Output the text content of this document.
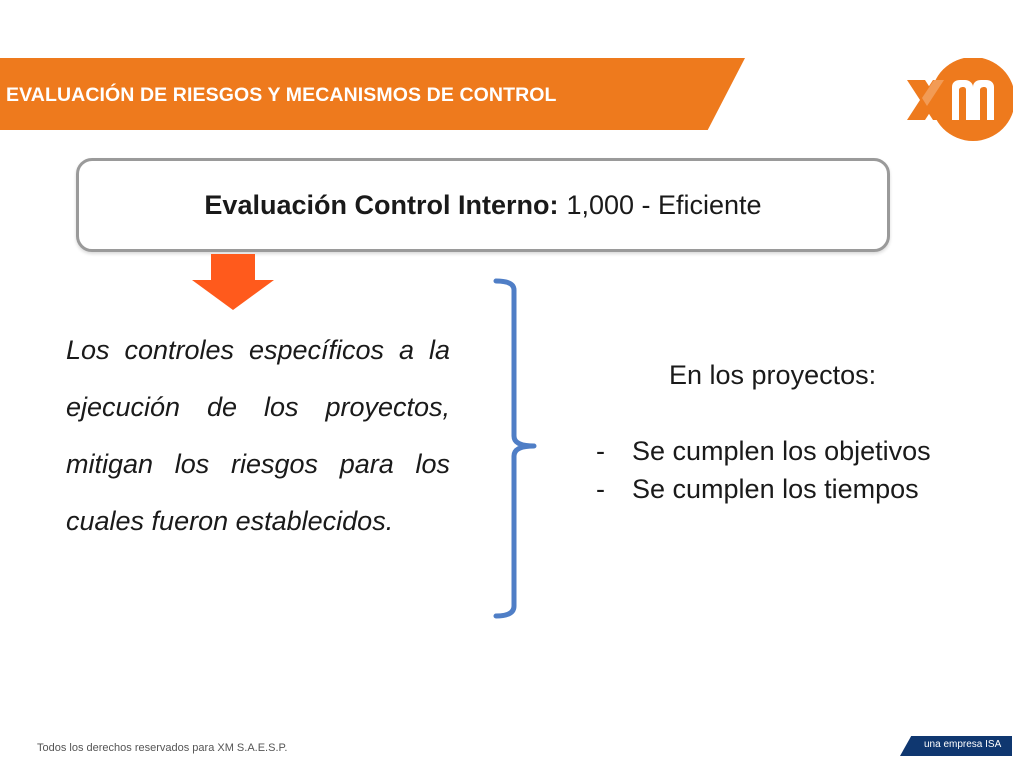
EVALUACIÓN DE RIESGOS Y MECANISMOS DE CONTROL
Evaluación Control Interno: 1,000 - Eficiente
Los controles específicos a la ejecución de los proyectos, mitigan los riesgos para los cuales fueron establecidos.
En los proyectos:
-	Se cumplen los objetivos
-	Se cumplen los tiempos
Todos los derechos reservados para XM S.A.E.S.P.	una empresa ISA
